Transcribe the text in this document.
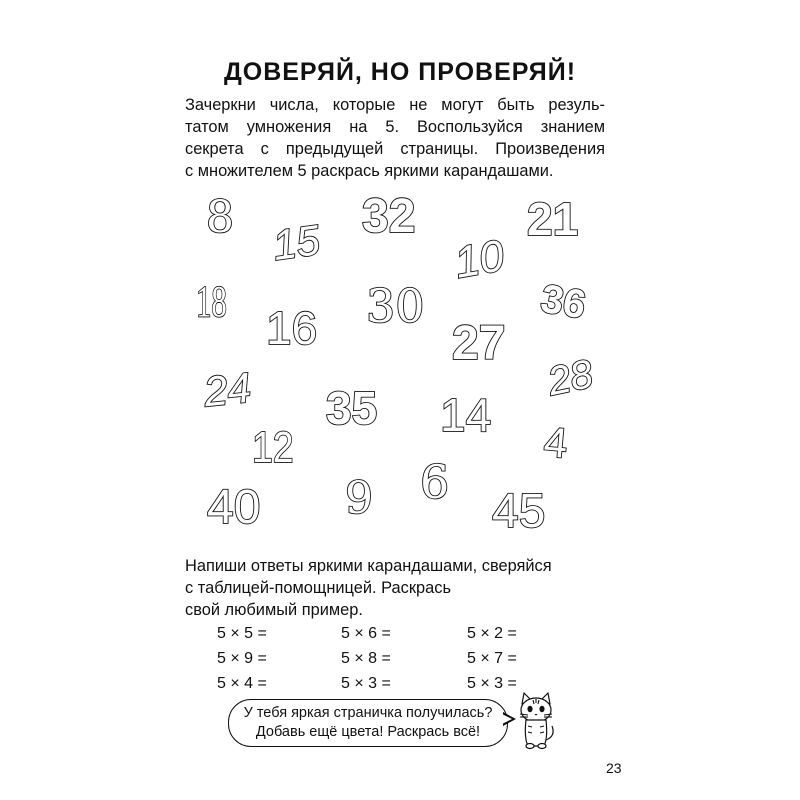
ДОВЕРЯЙ, НО ПРОВЕРЯЙ!
Зачеркни числа, которые не могут быть резуль-
татом умножения на 5. Воспользуйся знанием
секрета с предыдущей страницы. Произведения
с множителем 5 раскрась яркими карандашами.
8 15 32 21
10
18	30	36
16	27
28
24 35 14
12	4
6
9
40	45
Напиши ответы яркими карандашами, сверяйся
с таблицей-помощницей. Раскрась
свой любимый пример.
5 × 5 =	5 × 6 =	5 × 2 =
5 × 9 =	5 × 8 =	5 × 7 =
5 × 4 =	5 × 3 =	5 × 3 =
У тебя яркая страничка получилась?
Добавь ещё цвета! Раскрась всё!
23
